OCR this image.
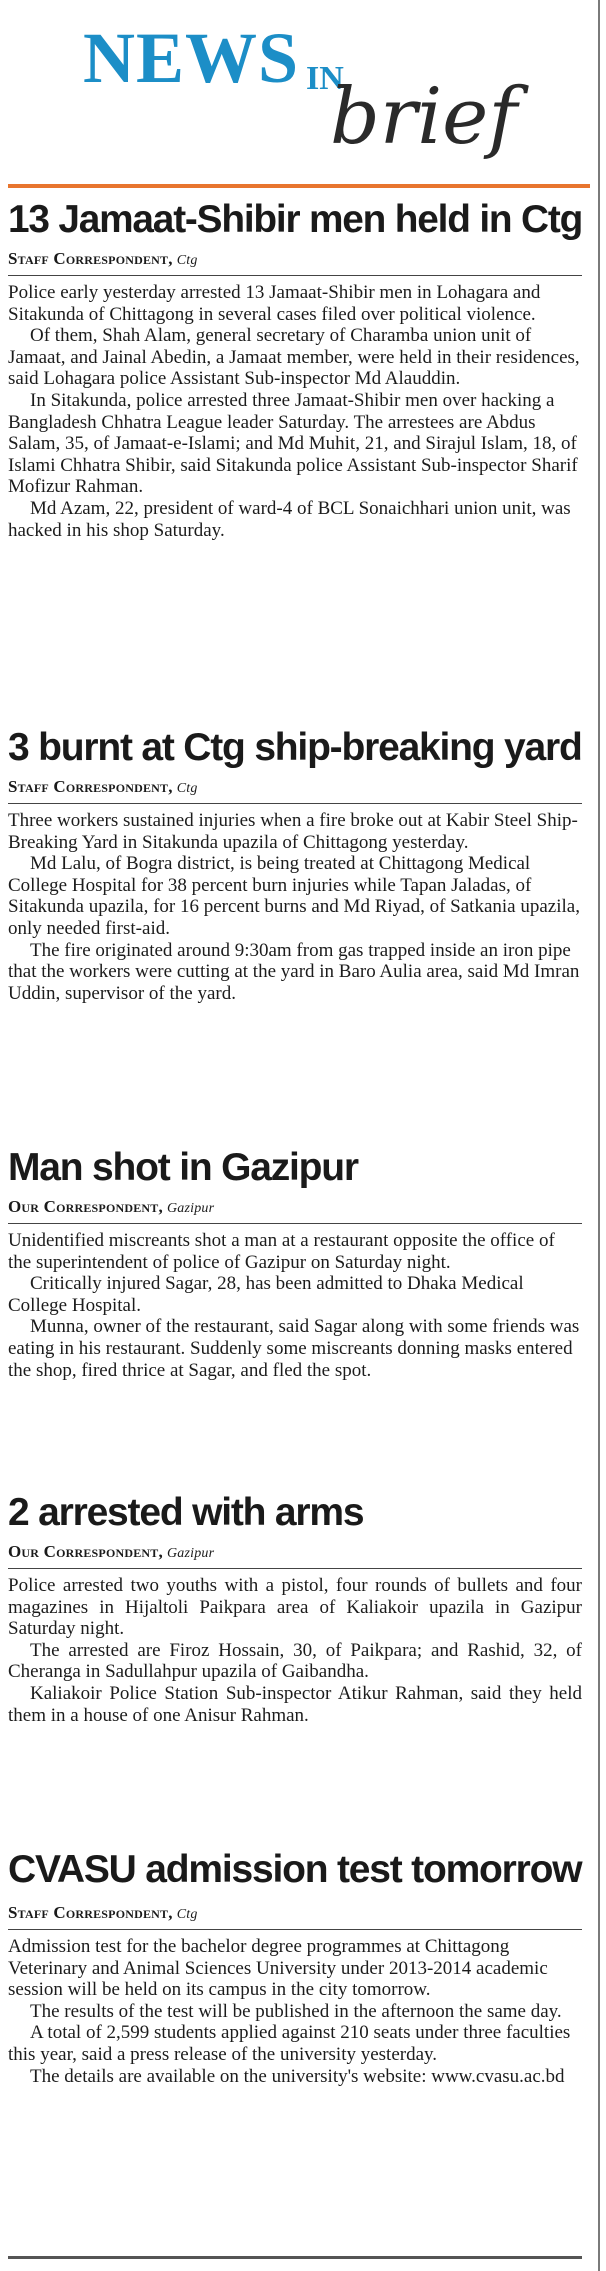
NEWS IN
brief
13 Jamaat-Shibir men held in Ctg
Staff Correspondent, Ctg

Police early yesterday arrested 13 Jamaat-Shibir men in Lohagara and Sitakunda of Chittagong in several cases filed over political violence.

Of them, Shah Alam, general secretary of Charamba union unit of Jamaat, and Jainal Abedin, a Jamaat member, were held in their residences, said Lohagara police Assistant Sub-inspector Md Alauddin.

In Sitakunda, police arrested three Jamaat-Shibir men over hacking a Bangladesh Chhatra League leader Saturday. The arrestees are Abdus Salam, 35, of Jamaat-e-Islami; and Md Muhit, 21, and Sirajul Islam, 18, of Islami Chhatra Shibir, said Sitakunda police Assistant Sub-inspector Sharif Mofizur Rahman.

Md Azam, 22, president of ward-4 of BCL Sonaichhari union unit, was hacked in his shop Saturday.

3 burnt at Ctg ship-breaking yard
Staff Correspondent, Ctg

Three workers sustained injuries when a fire broke out at Kabir Steel Ship-Breaking Yard in Sitakunda upazila of Chittagong yesterday.

Md Lalu, of Bogra district, is being treated at Chittagong Medical College Hospital for 38 percent burn injuries while Tapan Jaladas, of Sitakunda upazila, for 16 percent burns and Md Riyad, of Satkania upazila, only needed first-aid.

The fire originated around 9:30am from gas trapped inside an iron pipe that the workers were cutting at the yard in Baro Aulia area, said Md Imran Uddin, supervisor of the yard.

Man shot in Gazipur
Our Correspondent, Gazipur

Unidentified miscreants shot a man at a restaurant opposite the office of the superintendent of police of Gazipur on Saturday night.

Critically injured Sagar, 28, has been admitted to Dhaka Medical College Hospital.

Munna, owner of the restaurant, said Sagar along with some friends was eating in his restaurant. Suddenly some miscreants donning masks entered the shop, fired thrice at Sagar, and fled the spot.

2 arrested with arms
Our Correspondent, Gazipur

Police arrested two youths with a pistol, four rounds of bullets and four magazines in Hijaltoli Paikpara area of Kaliakoir upazila in Gazipur Saturday night.

The arrested are Firoz Hossain, 30, of Paikpara; and Rashid, 32, of Cheranga in Sadullahpur upazila of Gaibandha.

Kaliakoir Police Station Sub-inspector Atikur Rahman, said they held them in a house of one Anisur Rahman.

CVASU admission test tomorrow
Staff Correspondent, Ctg

Admission test for the bachelor degree programmes at Chittagong Veterinary and Animal Sciences University under 2013-2014 academic session will be held on its campus in the city tomorrow.

The results of the test will be published in the afternoon the same day.

A total of 2,599 students applied against 210 seats under three faculties this year, said a press release of the university yesterday.

The details are available on the university's website: www.cvasu.ac.bd
